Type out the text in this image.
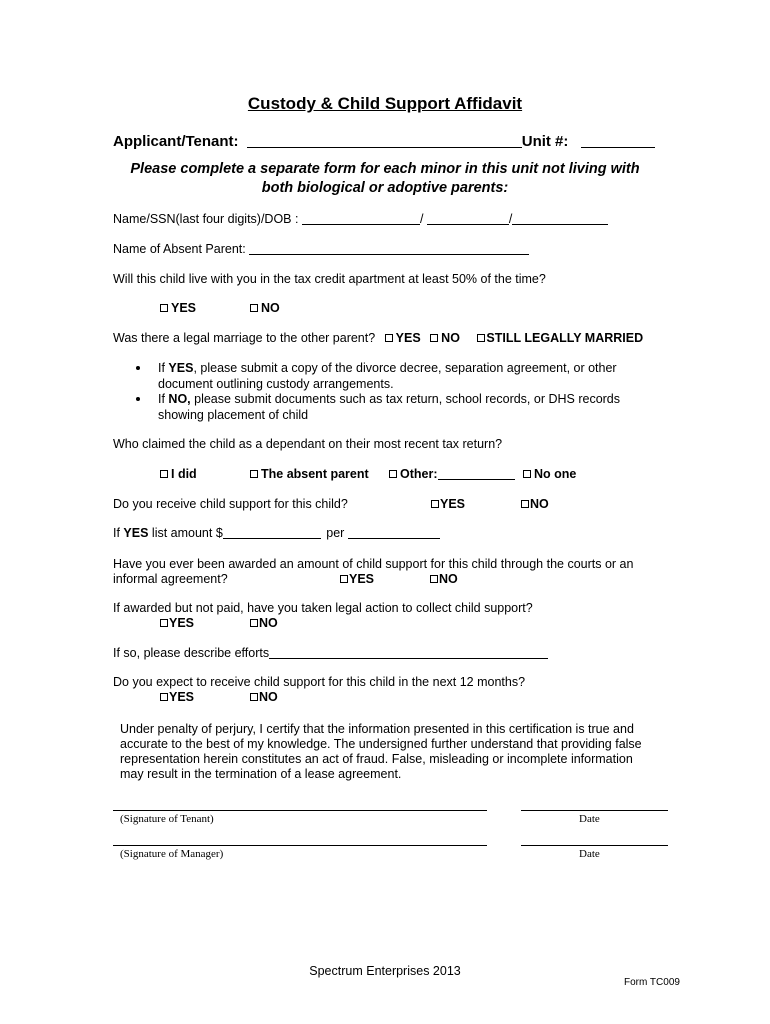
Custody & Child Support Affidavit
Applicant/Tenant:	Unit #:
Please complete a separate form for each minor in this unit not living with
both biological or adoptive parents:
Name/SSN(last four digits)/DOB :	/	/
Name of Absent Parent:
Will this child live with you in the tax credit apartment at least 50% of the time?
YES	NO
Was there a legal marriage to the other parent? YES NO STILL LEGALLY MARRIED
If YES, please submit a copy of the divorce decree, separation agreement, or other
document outlining custody arrangements.
If NO, please submit documents such as tax return, school records, or DHS records
showing placement of child
Who claimed the child as a dependant on their most recent tax return?
I did	The absent parent	Other:	No one
Do you receive child support for this child?	YES	NO
If YES list amount $	per
Have you ever been awarded an amount of child support for this child through the courts or an
informal agreement?	YES	NO
If awarded but not paid, have you taken legal action to collect child support?
YES	NO
If so, please describe efforts
Do you expect to receive child support for this child in the next 12 months?
YES	NO
Under penalty of perjury, I certify that the information presented in this certification is true and
accurate to the best of my knowledge. The undersigned further understand that providing false
representation herein constitutes an act of fraud. False, misleading or incomplete information
may result in the termination of a lease agreement.
(Signature of Tenant)	Date
(Signature of Manager)	Date
Spectrum Enterprises 2013
Form TC009
